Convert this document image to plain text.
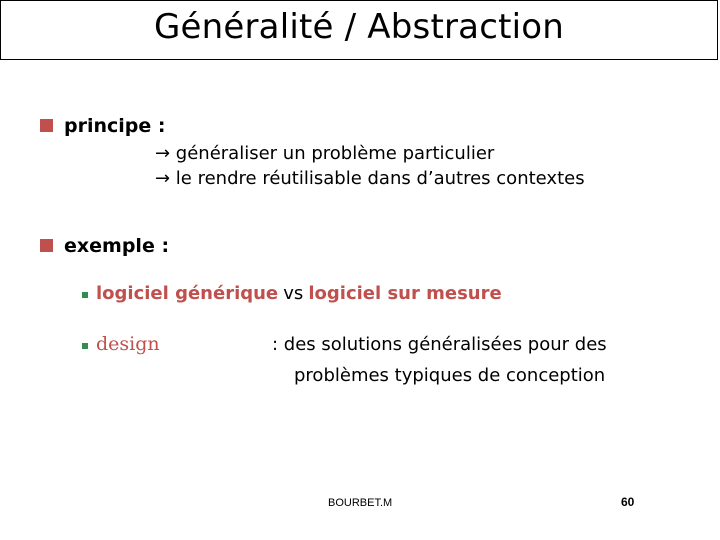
Généralité / Abstraction
principe :
→ généraliser un problème particulier
→ le rendre réutilisable dans d’autres contextes
exemple :
logiciel générique vs logiciel sur mesure
design	: des solutions généralisées pour des
problèmes typiques de conception
BOURBET.M	60
